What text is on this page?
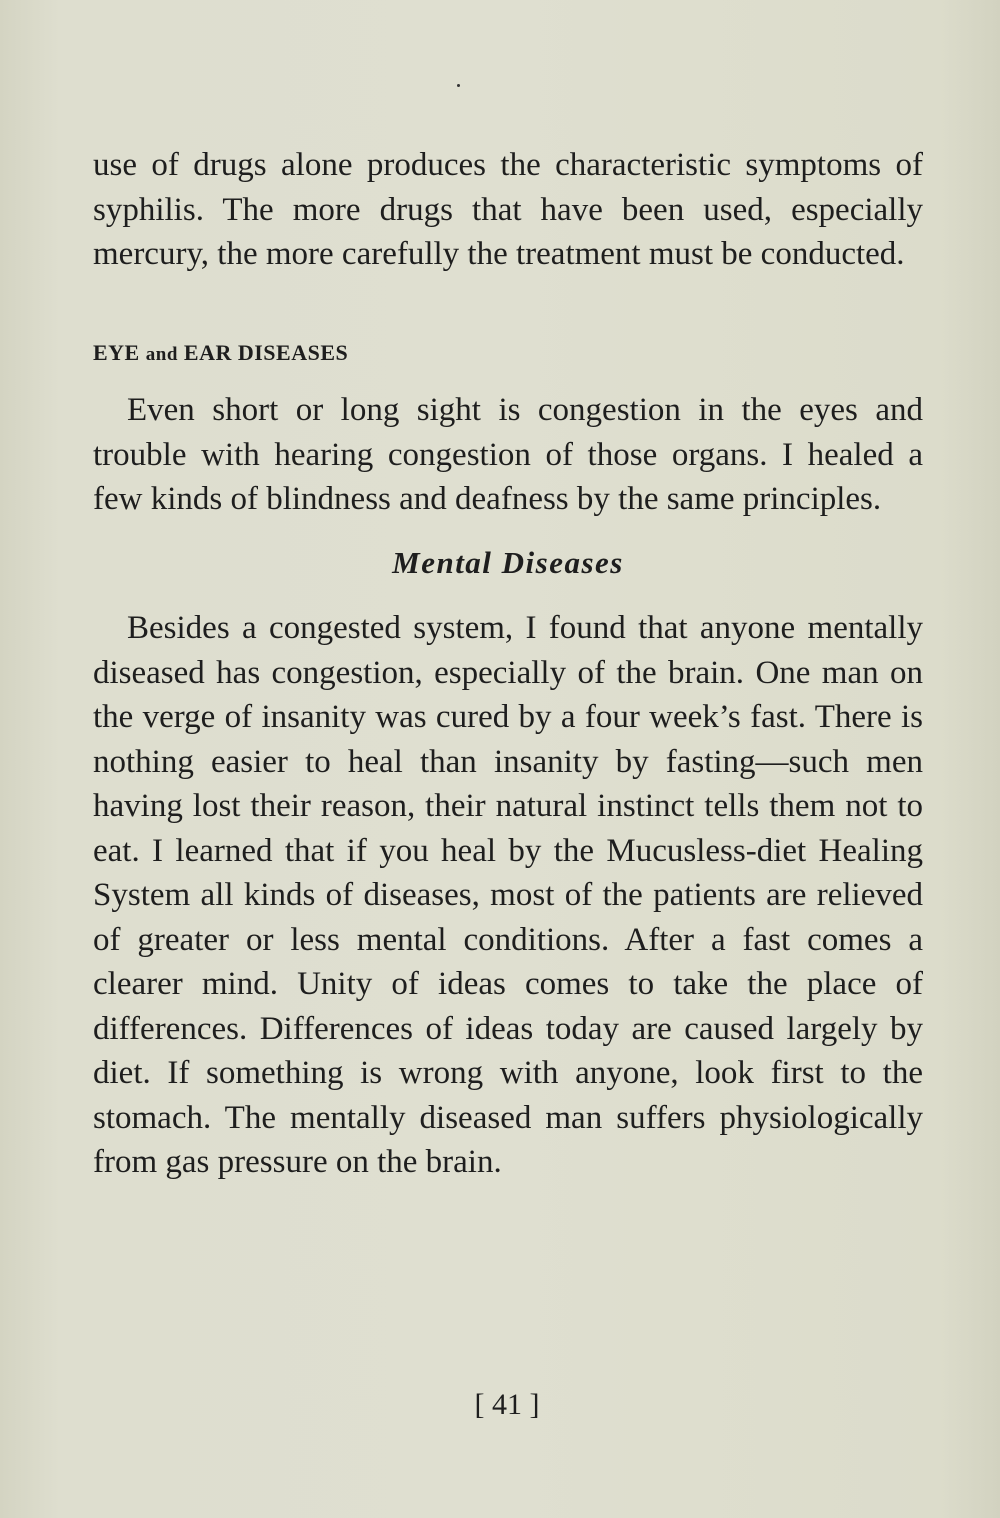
use of drugs alone produces the characteristic symptoms of syphilis. The more drugs that have been used, especially mercury, the more carefully the treatment must be conducted.

EYE and EAR DISEASES

Even short or long sight is congestion in the eyes and trouble with hearing congestion of those organs. I healed a few kinds of blindness and deafness by the same principles.

Mental Diseases

Besides a congested system, I found that anyone mentally diseased has congestion, especially of the brain. One man on the verge of insanity was cured by a four week’s fast. There is nothing easier to heal than insanity by fasting—such men having lost their reason, their natural instinct tells them not to eat. I learned that if you heal by the Mucusless-diet Healing System all kinds of diseases, most of the patients are relieved of greater or less mental conditions. After a fast comes a clearer mind. Unity of ideas comes to take the place of differences. Differences of ideas today are caused largely by diet. If something is wrong with anyone, look first to the stomach. The mentally diseased man suffers physiologically from gas pressure on the brain.

[ 41 ]
